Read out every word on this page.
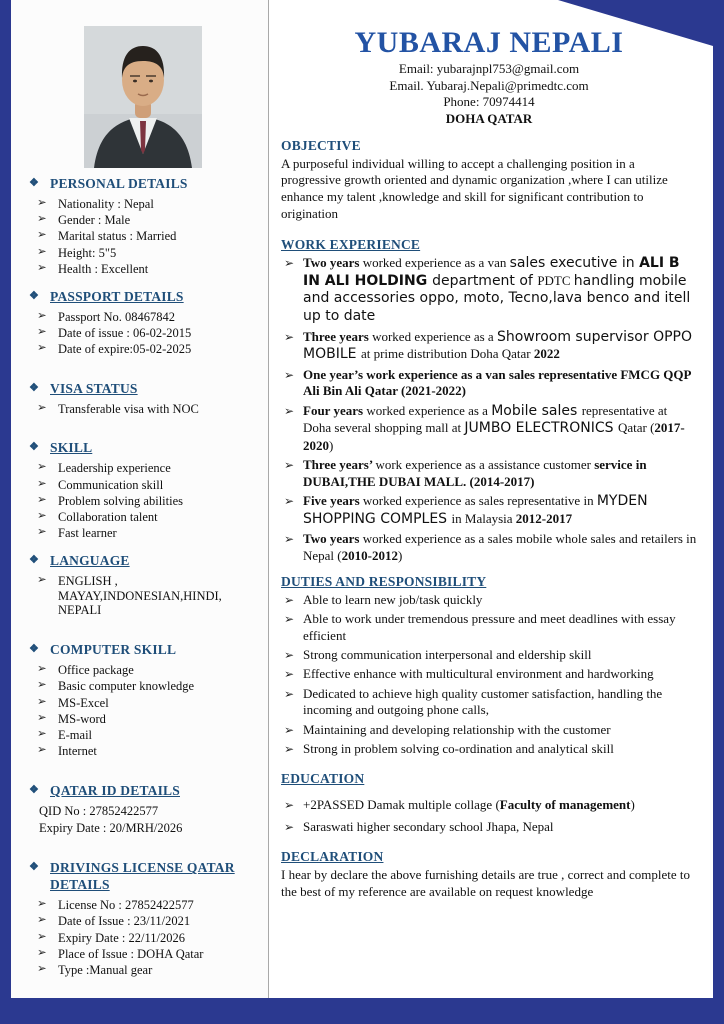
❖ PERSONAL DETAILS
➢ Nationality : Nepal
➢ Gender : Male
➢ Marital status : Married
➢ Height: 5"5
➢ Health : Excellent
❖ PASSPORT DETAILS
➢ Passport No. 08467842
➢ Date of issue : 06-02-2015
➢ Date of expire:05-02-2025
❖ VISA STATUS
➢ Transferable visa with NOC
❖ SKILL
➢ Leadership experience
➢ Communication skill
➢ Problem solving abilities
➢ Collaboration talent
➢ Fast learner
❖ LANGUAGE
➢ ENGLISH , MAYAY,INDONESIAN,HINDI, NEPALI
❖ COMPUTER SKILL
➢ Office package
➢ Basic computer knowledge
➢ MS-Excel
➢ MS-word
➢ E-mail
➢ Internet
❖ QATAR ID DETAILS
QID No : 27852422577
Expiry Date : 20/MRH/2026
❖ DRIVINGS LICENSE QATAR DETAILS
➢ License No : 27852422577
➢ Date of Issue : 23/11/2021
➢ Expiry Date : 22/11/2026
➢ Place of Issue : DOHA Qatar
➢ Type :Manual gear
YUBARAJ NEPALI
Email: yubarajnpl753@gmail.com
Email. Yubaraj.Nepali@primedtc.com
Phone: 70974414
DOHA QATAR
OBJECTIVE

A purposeful individual willing to accept a challenging position in a progressive growth oriented and dynamic organization ,where I can utilize enhance my talent ,knowledge and skill for significant contribution to origination

WORK EXPERIENCE
➢ Two years worked experience as a van sales executive in ALI B IN ALI HOLDING department of PDTC handling mobile and accessories oppo, moto, Tecno,lava benco and itell up to date
➢ Three years worked experience as a Showroom supervisor OPPO MOBILE at prime distribution Doha Qatar 2022
➢ One year’s work experience as a van sales representative FMCG QQP Ali Bin Ali Qatar (2021-2022)
➢ Four years worked experience as a Mobile sales representative at Doha several shopping mall at JUMBO ELECTRONICS Qatar (2017-2020)
➢ Three years’ work experience as a assistance customer service in DUBAI,THE DUBAI MALL. (2014-2017)
➢ Five years worked experience as sales representative in MYDEN SHOPPING COMPLES in Malaysia 2012-2017
➢ Two years worked experience as a sales mobile whole sales and retailers in Nepal (2010-2012)
DUTIES AND RESPONSIBILITY
➢ Able to learn new job/task quickly
➢ Able to work under tremendous pressure and meet deadlines with essay efficient
➢ Strong communication interpersonal and eldership skill
➢ Effective enhance with multicultural environment and hardworking
➢ Dedicated to achieve high quality customer satisfaction, handling the incoming and outgoing phone calls,
➢ Maintaining and developing relationship with the customer
➢ Strong in problem solving co-ordination and analytical skill
EDUCATION
➢ +2PASSED Damak multiple collage (Faculty of management)
➢ Saraswati higher secondary school Jhapa, Nepal
DECLARATION

I hear by declare the above furnishing details are true , correct and complete to the best of my reference are available on request knowledge
